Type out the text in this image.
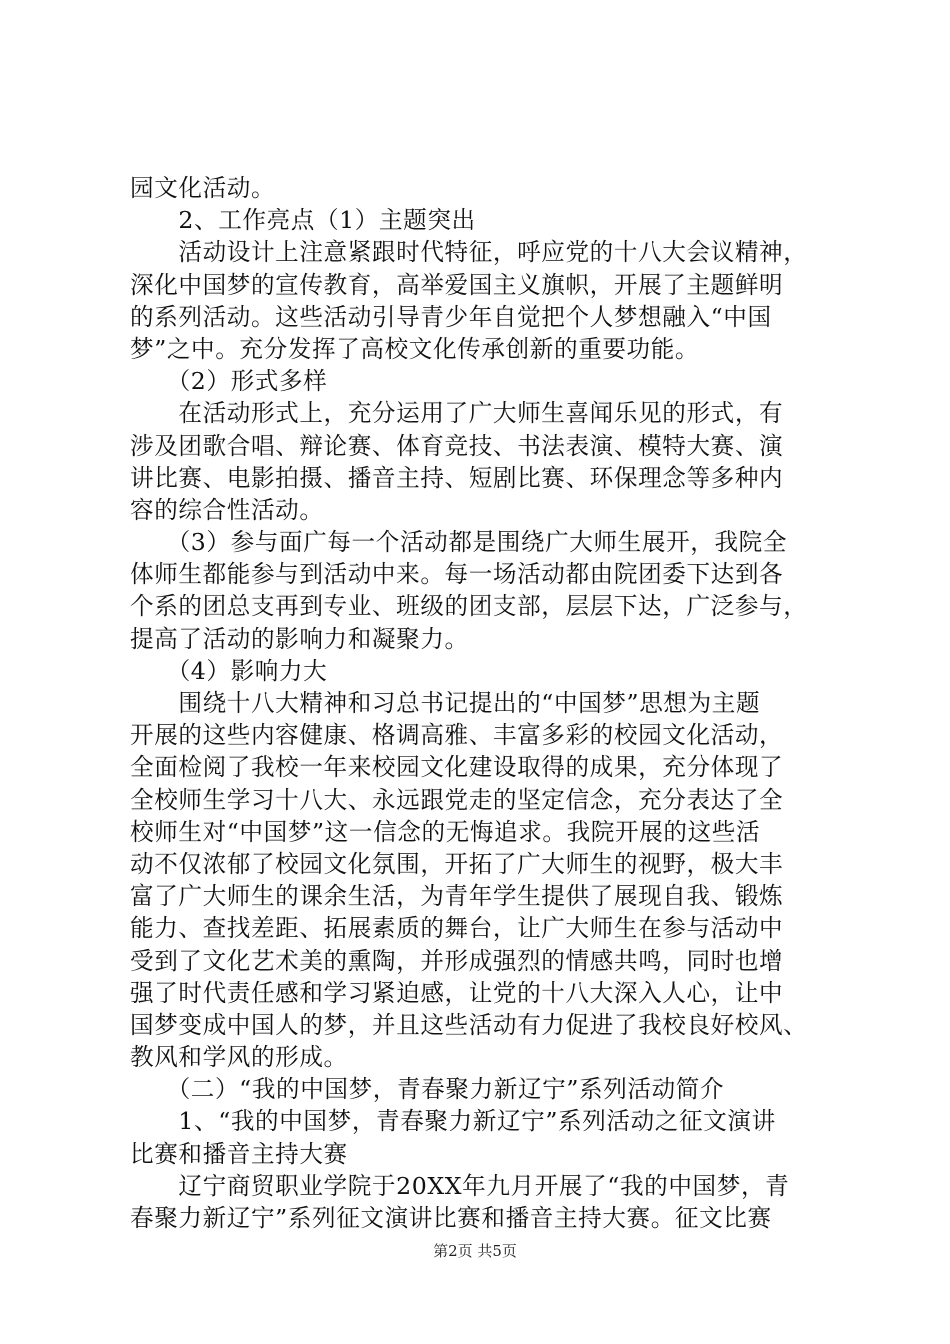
园文化活动。
　　2、工作亮点（1）主题突出
　　活动设计上注意紧跟时代特征，呼应党的十八大会议精神，
深化中国梦的宣传教育，高举爱国主义旗帜，开展了主题鲜明
的系列活动。这些活动引导青少年自觉把个人梦想融入“中国
梦”之中。充分发挥了高校文化传承创新的重要功能。
　　（2）形式多样
　　在活动形式上，充分运用了广大师生喜闻乐见的形式，有
涉及团歌合唱、辩论赛、体育竞技、书法表演、模特大赛、演
讲比赛、电影拍摄、播音主持、短剧比赛、环保理念等多种内
容的综合性活动。
　　（3）参与面广每一个活动都是围绕广大师生展开，我院全
体师生都能参与到活动中来。每一场活动都由院团委下达到各
个系的团总支再到专业、班级的团支部，层层下达，广泛参与，
提高了活动的影响力和凝聚力。
　　（4）影响力大
　　围绕十八大精神和习总书记提出的“中国梦”思想为主题
开展的这些内容健康、格调高雅、丰富多彩的校园文化活动，
全面检阅了我校一年来校园文化建设取得的成果，充分体现了
全校师生学习十八大、永远跟党走的坚定信念，充分表达了全
校师生对“中国梦”这一信念的无悔追求。我院开展的这些活
动不仅浓郁了校园文化氛围，开拓了广大师生的视野，极大丰
富了广大师生的课余生活，为青年学生提供了展现自我、锻炼
能力、查找差距、拓展素质的舞台，让广大师生在参与活动中
受到了文化艺术美的熏陶，并形成强烈的情感共鸣，同时也增
强了时代责任感和学习紧迫感，让党的十八大深入人心，让中
国梦变成中国人的梦，并且这些活动有力促进了我校良好校风、
教风和学风的形成。
　　（二）“我的中国梦，青春聚力新辽宁”系列活动简介
　　1、“我的中国梦，青春聚力新辽宁”系列活动之征文演讲
比赛和播音主持大赛
　　辽宁商贸职业学院于20XX年九月开展了“我的中国梦，青
春聚力新辽宁”系列征文演讲比赛和播音主持大赛。征文比赛
第2页 共5页
